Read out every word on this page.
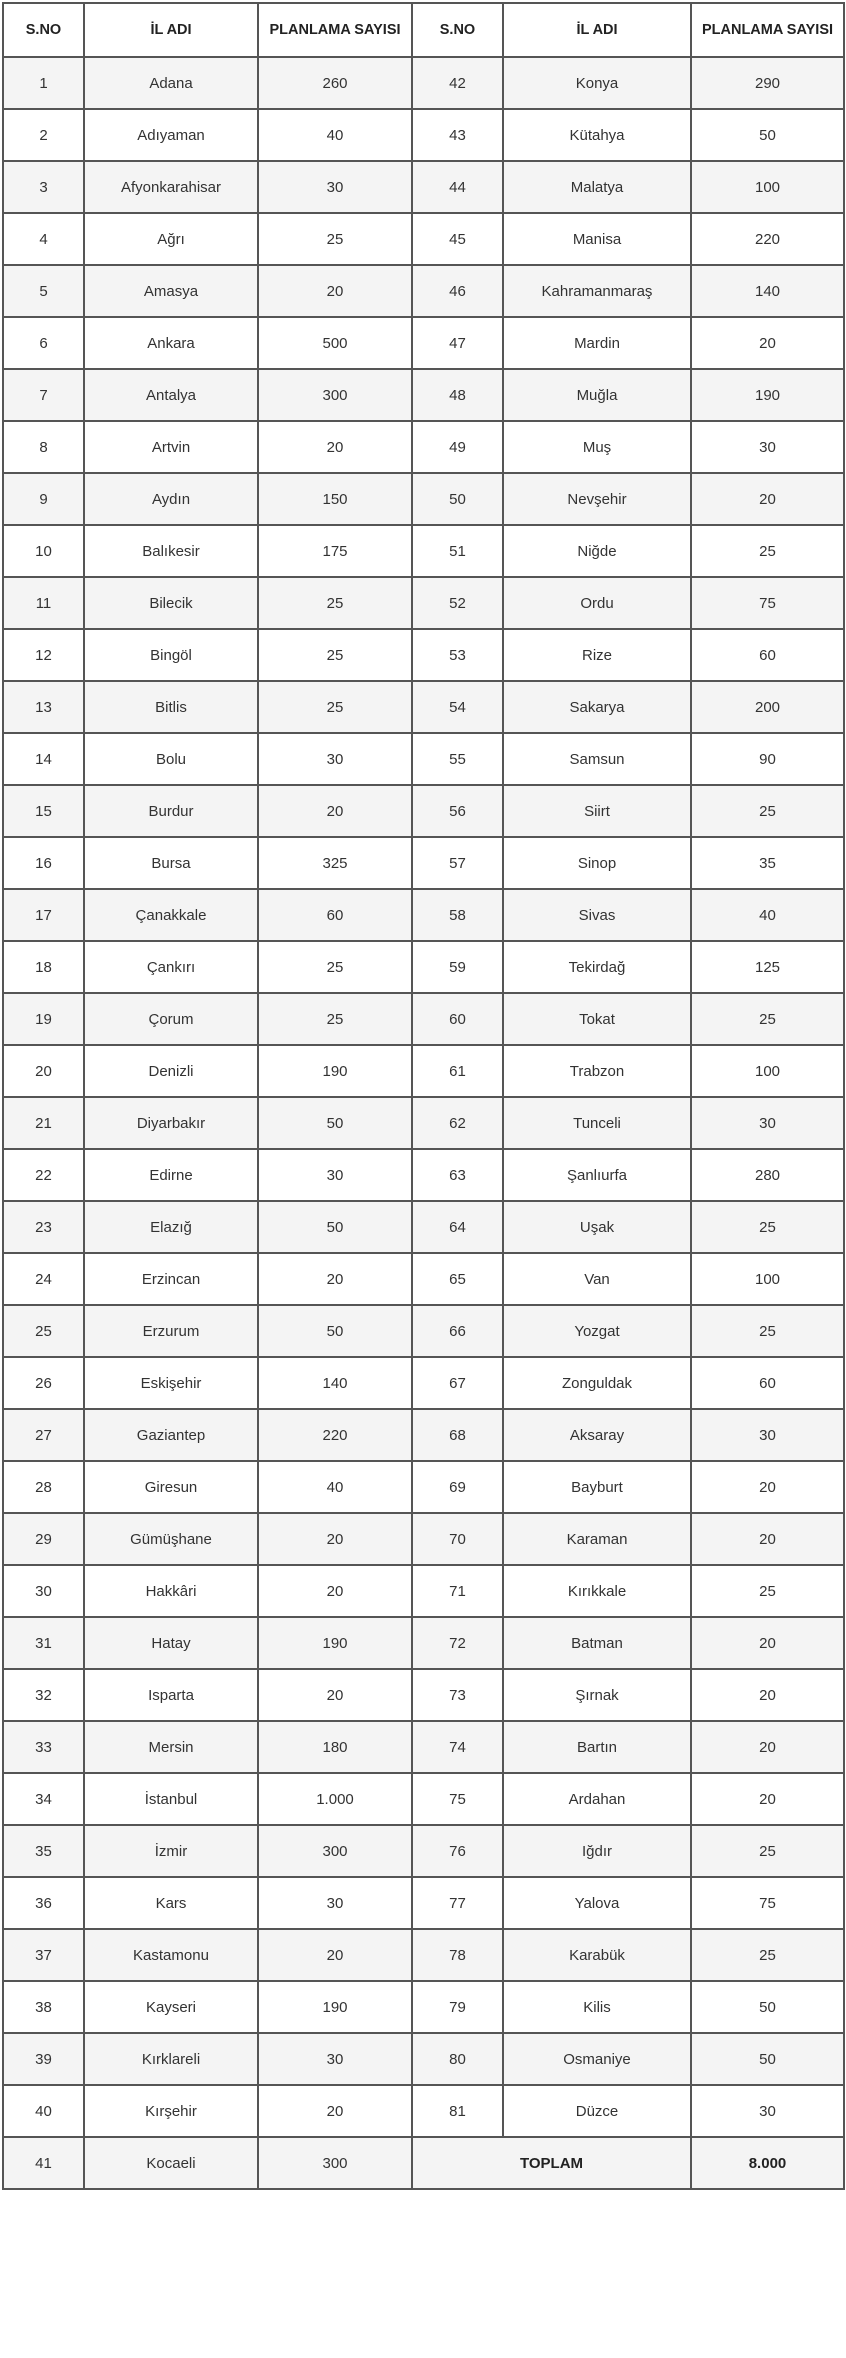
S.NO	İL ADI	PLANLAMA SAYISI	S.NO	İL ADI	PLANLAMA SAYISI
1	Adana	260	42	Konya	290
2	Adıyaman	40	43	Kütahya	50
3	Afyonkarahisar	30	44	Malatya	100
4	Ağrı	25	45	Manisa	220
5	Amasya	20	46	Kahramanmaraş	140
6	Ankara	500	47	Mardin	20
7	Antalya	300	48	Muğla	190
8	Artvin	20	49	Muş	30
9	Aydın	150	50	Nevşehir	20
10	Balıkesir	175	51	Niğde	25
11	Bilecik	25	52	Ordu	75
12	Bingöl	25	53	Rize	60
13	Bitlis	25	54	Sakarya	200
14	Bolu	30	55	Samsun	90
15	Burdur	20	56	Siirt	25
16	Bursa	325	57	Sinop	35
17	Çanakkale	60	58	Sivas	40
18	Çankırı	25	59	Tekirdağ	125
19	Çorum	25	60	Tokat	25
20	Denizli	190	61	Trabzon	100
21	Diyarbakır	50	62	Tunceli	30
22	Edirne	30	63	Şanlıurfa	280
23	Elazığ	50	64	Uşak	25
24	Erzincan	20	65	Van	100
25	Erzurum	50	66	Yozgat	25
26	Eskişehir	140	67	Zonguldak	60
27	Gaziantep	220	68	Aksaray	30
28	Giresun	40	69	Bayburt	20
29	Gümüşhane	20	70	Karaman	20
30	Hakkâri	20	71	Kırıkkale	25
31	Hatay	190	72	Batman	20
32	Isparta	20	73	Şırnak	20
33	Mersin	180	74	Bartın	20
34	İstanbul	1.000	75	Ardahan	20
35	İzmir	300	76	Iğdır	25
36	Kars	30	77	Yalova	75
37	Kastamonu	20	78	Karabük	25
38	Kayseri	190	79	Kilis	50
39	Kırklareli	30	80	Osmaniye	50
40	Kırşehir	20	81	Düzce	30
41	Kocaeli	300	TOPLAM		8.000
